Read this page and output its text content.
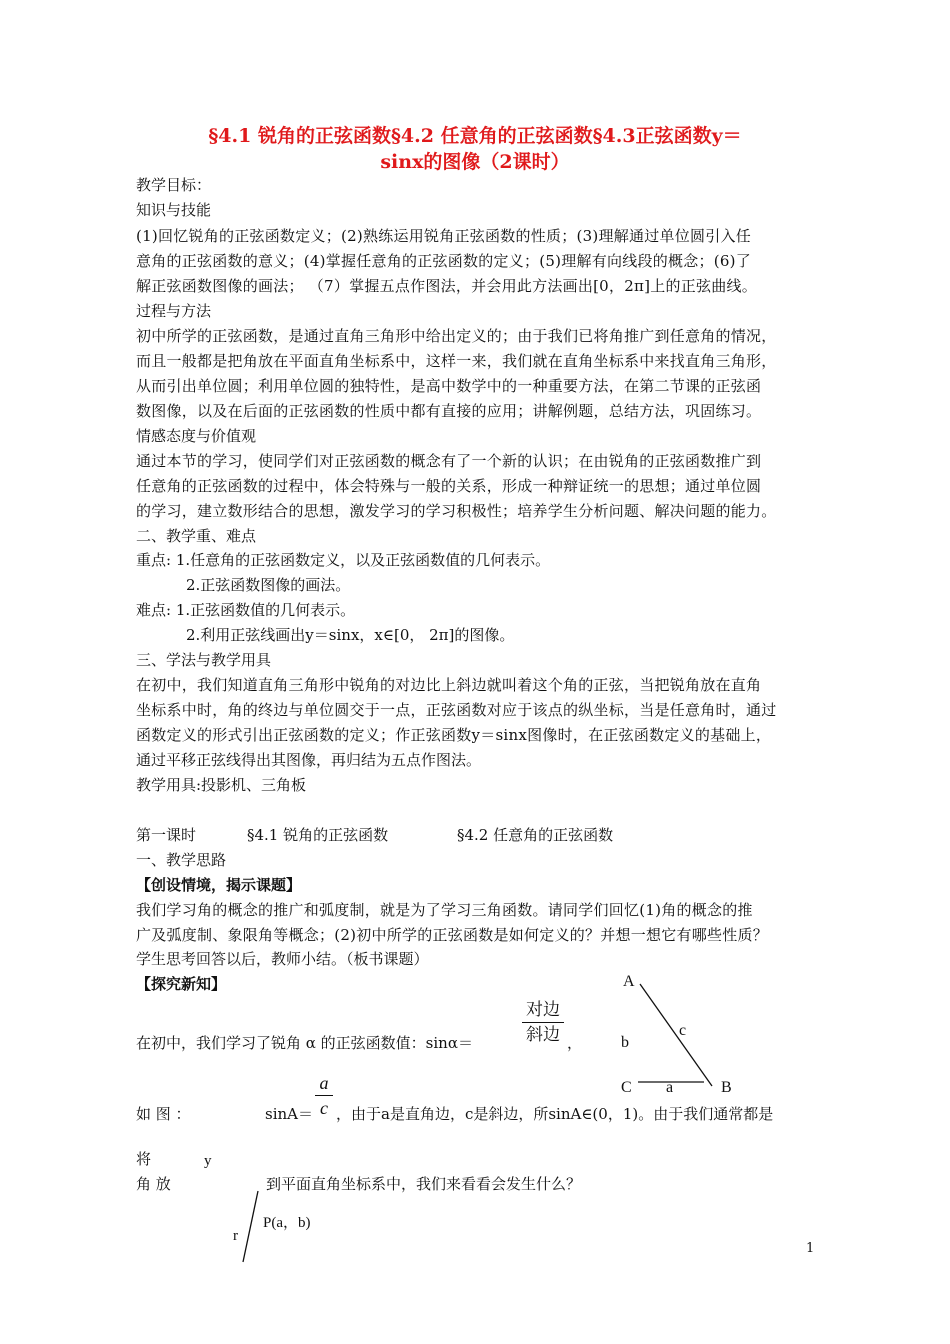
§4.1 锐角的正弦函数§4.2 任意角的正弦函数§4.3正弦函数y＝
sinx的图像（2课时）

教学目标：

知识与技能

(1)回忆锐角的正弦函数定义；(2)熟练运用锐角正弦函数的性质；(3)理解通过单位圆引入任

意角的正弦函数的意义；(4)掌握任意角的正弦函数的定义；(5)理解有向线段的概念；(6)了

解正弦函数图像的画法； （7）掌握五点作图法，并会用此方法画出[0，2π]上的正弦曲线。

过程与方法

初中所学的正弦函数，是通过直角三角形中给出定义的；由于我们已将角推广到任意角的情况，

而且一般都是把角放在平面直角坐标系中，这样一来，我们就在直角坐标系中来找直角三角形，

从而引出单位圆；利用单位圆的独特性，是高中数学中的一种重要方法，在第二节课的正弦函

数图像，以及在后面的正弦函数的性质中都有直接的应用；讲解例题，总结方法，巩固练习。

情感态度与价值观

通过本节的学习，使同学们对正弦函数的概念有了一个新的认识；在由锐角的正弦函数推广到

任意角的正弦函数的过程中，体会特殊与一般的关系，形成一种辩证统一的思想；通过单位圆

的学习，建立数形结合的思想，激发学习的学习积极性；培养学生分析问题、解决问题的能力。

二、教学重、难点

重点: 1.任意角的正弦函数定义，以及正弦函数值的几何表示。

2.正弦函数图像的画法。

难点: 1.正弦函数值的几何表示。

2.利用正弦线画出y＝sinx，x∈[0， 2π]的图像。

三、学法与教学用具

在初中，我们知道直角三角形中锐角的对边比上斜边就叫着这个角的正弦，当把锐角放在直角

坐标系中时，角的终边与单位圆交于一点，正弦函数对应于该点的纵坐标，当是任意角时，通过

函数定义的形式引出正弦函数的定义；作正弦函数y＝sinx图像时，在正弦函数定义的基础上，

通过平移正弦线得出其图像，再归结为五点作图法。

教学用具:投影机、三角板

第一课时	§4.1 锐角的正弦函数	§4.2 任意角的正弦函数

一、教学思路

【创设情境，揭示课题】

我们学习角的概念的推广和弧度制，就是为了学习三角函数。请同学们回忆(1)角的概念的推

广及弧度制、象限角等概念；(2)初中所学的正弦函数是如何定义的？并想一想它有哪些性质？

学生思考回答以后，教师小结。（板书课题）

【探究新知】

在初中，我们学习了锐角 α 的正弦函数值：sinα＝
对边
斜边 ，
A
c
b
C a	B
如 图 ：	sinA＝
a
c ，由于a是直角边，c是斜边，所sinA∈(0，1)。由于我们通常都是
将	y
角 放	到平面直角坐标系中，我们来看看会发生什么？
P(a，b)
r
1
